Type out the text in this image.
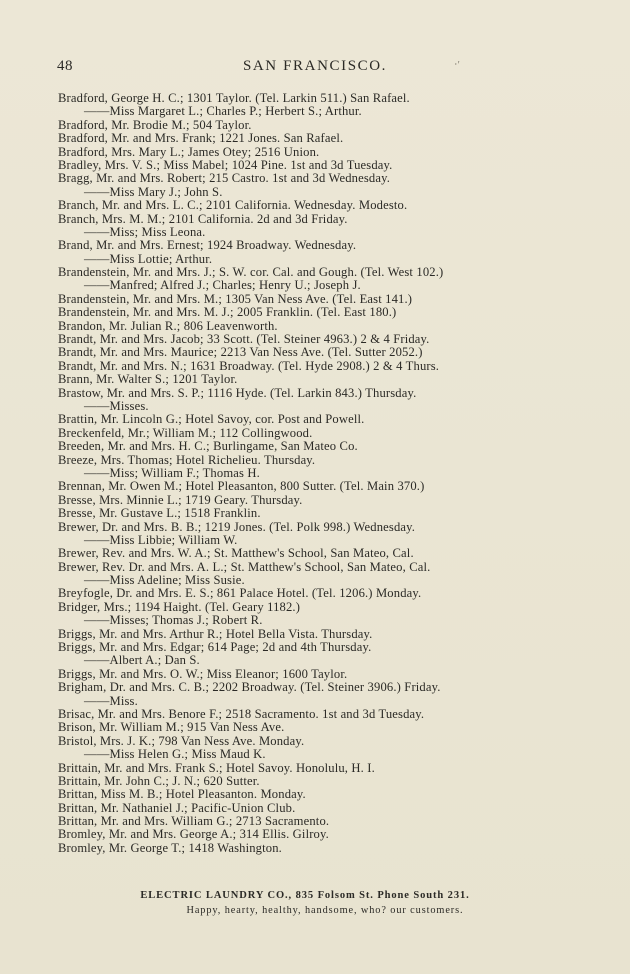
48	SAN FRANCISCO.	‧′
Bradford, George H. C.; 1301 Taylor. (Tel. Larkin 511.) San Rafael.
——Miss Margaret L.; Charles P.; Herbert S.; Arthur.
Bradford, Mr. Brodie M.; 504 Taylor.
Bradford, Mr. and Mrs. Frank; 1221 Jones. San Rafael.
Bradford, Mrs. Mary L.; James Otey; 2516 Union.
Bradley, Mrs. V. S.; Miss Mabel; 1024 Pine. 1st and 3d Tuesday.
Bragg, Mr. and Mrs. Robert; 215 Castro. 1st and 3d Wednesday.
——Miss Mary J.; John S.
Branch, Mr. and Mrs. L. C.; 2101 California. Wednesday. Modesto.
Branch, Mrs. M. M.; 2101 California. 2d and 3d Friday.
——Miss; Miss Leona.
Brand, Mr. and Mrs. Ernest; 1924 Broadway. Wednesday.
——Miss Lottie; Arthur.
Brandenstein, Mr. and Mrs. J.; S. W. cor. Cal. and Gough. (Tel. West 102.)
——Manfred; Alfred J.; Charles; Henry U.; Joseph J.
Brandenstein, Mr. and Mrs. M.; 1305 Van Ness Ave. (Tel. East 141.)
Brandenstein, Mr. and Mrs. M. J.; 2005 Franklin. (Tel. East 180.)
Brandon, Mr. Julian R.; 806 Leavenworth.
Brandt, Mr. and Mrs. Jacob; 33 Scott. (Tel. Steiner 4963.) 2 & 4 Friday.
Brandt, Mr. and Mrs. Maurice; 2213 Van Ness Ave. (Tel. Sutter 2052.)
Brandt, Mr. and Mrs. N.; 1631 Broadway. (Tel. Hyde 2908.) 2 & 4 Thurs.
Brann, Mr. Walter S.; 1201 Taylor.
Brastow, Mr. and Mrs. S. P.; 1116 Hyde. (Tel. Larkin 843.) Thursday.
——Misses.
Brattin, Mr. Lincoln G.; Hotel Savoy, cor. Post and Powell.
Breckenfeld, Mr.; William M.; 112 Collingwood.
Breeden, Mr. and Mrs. H. C.; Burlingame, San Mateo Co.
Breeze, Mrs. Thomas; Hotel Richelieu. Thursday.
——Miss; William F.; Thomas H.
Brennan, Mr. Owen M.; Hotel Pleasanton, 800 Sutter. (Tel. Main 370.)
Bresse, Mrs. Minnie L.; 1719 Geary. Thursday.
Bresse, Mr. Gustave L.; 1518 Franklin.
Brewer, Dr. and Mrs. B. B.; 1219 Jones. (Tel. Polk 998.) Wednesday.
——Miss Libbie; William W.
Brewer, Rev. and Mrs. W. A.; St. Matthew's School, San Mateo, Cal.
Brewer, Rev. Dr. and Mrs. A. L.; St. Matthew's School, San Mateo, Cal.
——Miss Adeline; Miss Susie.
Breyfogle, Dr. and Mrs. E. S.; 861 Palace Hotel. (Tel. 1206.) Monday.
Bridger, Mrs.; 1194 Haight. (Tel. Geary 1182.)
——Misses; Thomas J.; Robert R.
Briggs, Mr. and Mrs. Arthur R.; Hotel Bella Vista. Thursday.
Briggs, Mr. and Mrs. Edgar; 614 Page; 2d and 4th Thursday.
——Albert A.; Dan S.
Briggs, Mr. and Mrs. O. W.; Miss Eleanor; 1600 Taylor.
Brigham, Dr. and Mrs. C. B.; 2202 Broadway. (Tel. Steiner 3906.) Friday.
——Miss.
Brisac, Mr. and Mrs. Benore F.; 2518 Sacramento. 1st and 3d Tuesday.
Brison, Mr. William M.; 915 Van Ness Ave.
Bristol, Mrs. J. K.; 798 Van Ness Ave. Monday.
——Miss Helen G.; Miss Maud K.
Brittain, Mr. and Mrs. Frank S.; Hotel Savoy. Honolulu, H. I.
Brittain, Mr. John C.; J. N.; 620 Sutter.
Brittan, Miss M. B.; Hotel Pleasanton. Monday.
Brittan, Mr. Nathaniel J.; Pacific-Union Club.
Brittan, Mr. and Mrs. William G.; 2713 Sacramento.
Bromley, Mr. and Mrs. George A.; 314 Ellis. Gilroy.
Bromley, Mr. George T.; 1418 Washington.
ELECTRIC LAUNDRY CO., 835 Folsom St. Phone South 231.
Happy, hearty, healthy, handsome, who? our customers.
